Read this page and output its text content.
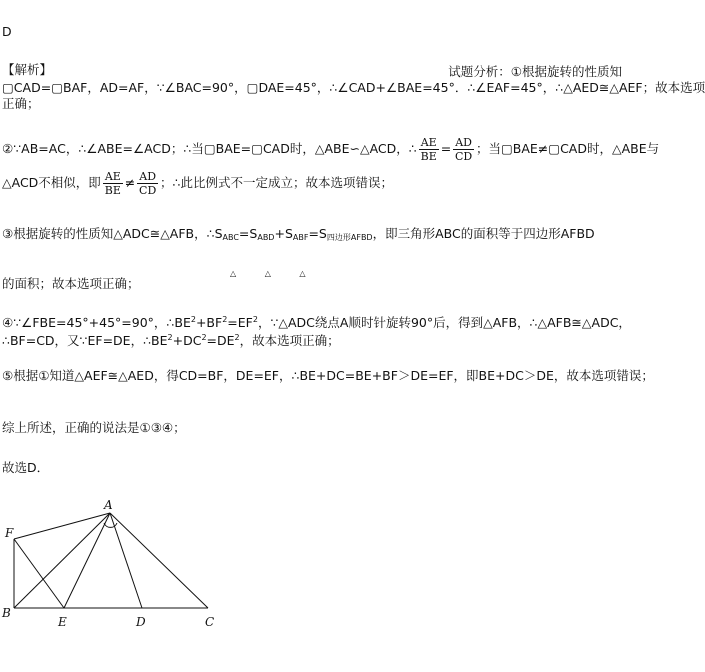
D
【解析】	试题分析：①根据旋转的性质知
▢CAD=▢BAF，AD=AF，∵∠BAC=90°，▢DAE=45°，∴∠CAD+∠BAE=45°．∴∠EAF=45°，∴△AED≅△AEF；故本选项
正确；
②∵AB=AC，∴∠ABE=∠ACD；∴当▢BAE=▢CAD时，△ABE∽△ACD，∴ $\frac{AE}{BE} = \frac{AD}{CD}$ ；当▢BAE≠▢CAD时，△ABE与
△ACD不相似，即 $\frac{AE}{BE} \ne \frac{AD}{CD}$ ；∴此比例式不一定成立；故本选项错误；
③根据旋转的性质知△ADC≅△AFB，$\therefore S_{ABC}=S_{ABD}+S_{ABF}=S_{四边形AFBD}$，即三角形ABC的面积等于四边形AFBD
△ △ △
的面积；故本选项正确；
④∵∠FBE=45°+45°=90°，$\therefore BE^2+BF^2=EF^2$，∵△ADC绕点A顺时针旋转90°后，得到△AFB，∴△AFB≅△ADC，
∴BF=CD，又∵EF=DE，$\therefore BE^2+DC^2=DE^2$，故本选项正确；
⑤根据①知道△AEF≅△AED，得CD=BF，DE=EF，∴BE+DC=BE+BF＞DE=EF，即BE+DC＞DE，故本选项错误；
综上所述，正确的说法是①③④；
故选D．
A
F
B
E	D	C
